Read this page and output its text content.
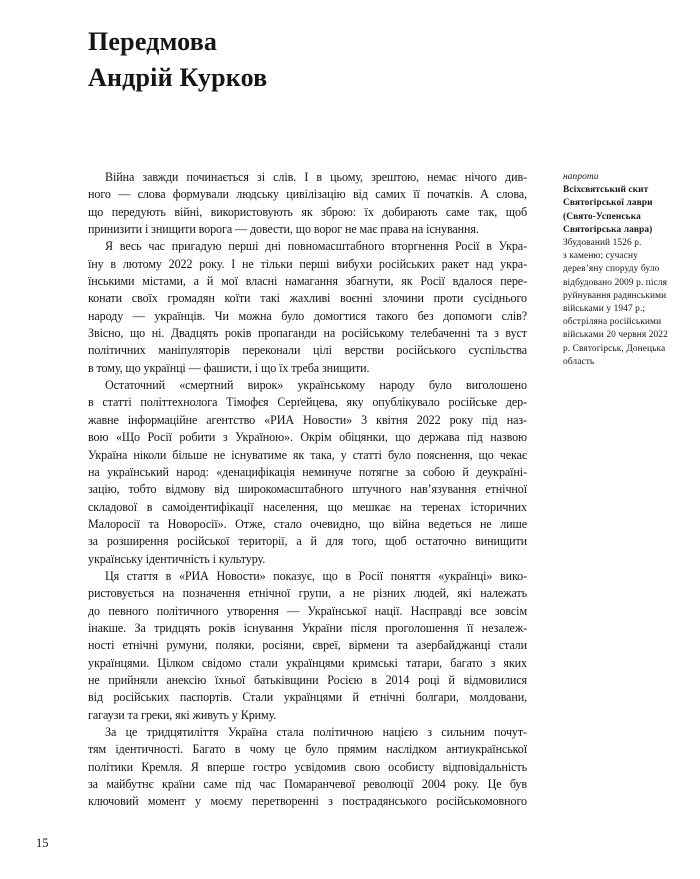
Передмова
Андрій Курков
Війна завжди починається зі слів. І в цьому, зрештою, немає нічого див-
ного — слова формували людську цивілізацію від самих її початків. А слова,
що передують війні, використовують як зброю: їх добирають саме так, щоб
принизити і знищити ворога — довести, що ворог не має права на існування.
Я весь час пригадую перші дні повномасштабного вторгнення Росії в Укра-
їну в лютому 2022 року. І не тільки перші вибухи російських ракет над укра-
їнськими містами, а й мої власні намагання збагнути, як Росії вдалося пере-
конати своїх громадян коїти такі жахливі воєнні злочини проти сусіднього
народу — українців. Чи можна було домогтися такого без допомоги слів?
Звісно, що ні. Двадцять років пропаганди на російському телебаченні та з вуст
політичних маніпуляторів переконали цілі верстви російського суспільства
в тому, що українці — фашисти, і що їх треба знищити.
Остаточний «смертний вирок» українському народу було виголошено
в статті політтехнолога Тімофєя Серґейцева, яку опублікувало російське дер-
жавне інформаційне агентство «РИА Новости» 3 квітня 2022 року під наз-
вою «Що Росії робити з Україною». Окрім обіцянки, що держава під назвою
Україна ніколи більше не існуватиме як така, у статті було пояснення, що чекає
на український народ: «денацифікація неминуче потягне за собою й деукраїні-
зацію, тобто відмову від широкомасштабного штучного нав’язування етнічної
складової в самоідентифікації населення, що мешкає на теренах історичних
Малоросії та Новоросії». Отже, стало очевидно, що війна ведеться не лише
за розширення російської території, а й для того, щоб остаточно винищити
українську ідентичність і культуру.
Ця стаття в «РИА Новости» показує, що в Росії поняття «українці» вико-
ристовується на позначення етнічної групи, а не різних людей, які належать
до певного політичного утворення — Української нації. Насправді все зовсім
інакше. За тридцять років існування України після проголошення її незалеж-
ності етнічні румуни, поляки, росіяни, євреї, вірмени та азербайджанці стали
українцями. Цілком свідомо стали українцями кримські татари, багато з яких
не прийняли анексію їхньої батьківщини Росією в 2014 році й відмовилися
від російських паспортів. Стали українцями й етнічні болгари, молдовани,
гагаузи та греки, які живуть у Криму.
За це тридцятиліття Україна стала політичною нацією з сильним почут-
тям ідентичності. Багато в чому це було прямим наслідком антиукраїнської
політики Кремля. Я вперше гостро усвідомив свою особисту відповідальність
за майбутнє країни саме під час Помаранчевої революції 2004 року. Це був
ключовий момент у моєму перетворенні з пострадянського російськомовного
напроти
Всіхсвятський скит
Святогірської лаври
(Свято-Успенська
Святогірська лавра)
Збудований 1526 р.
з каменю; сучасну
дерев’яну споруду було
відбудовано 2009 р. після
руйнування радянськими
військами у 1947 р.;
обстріляна російськими
військами 20 червня 2022
р. Святогірськ, Донецька
область
15
